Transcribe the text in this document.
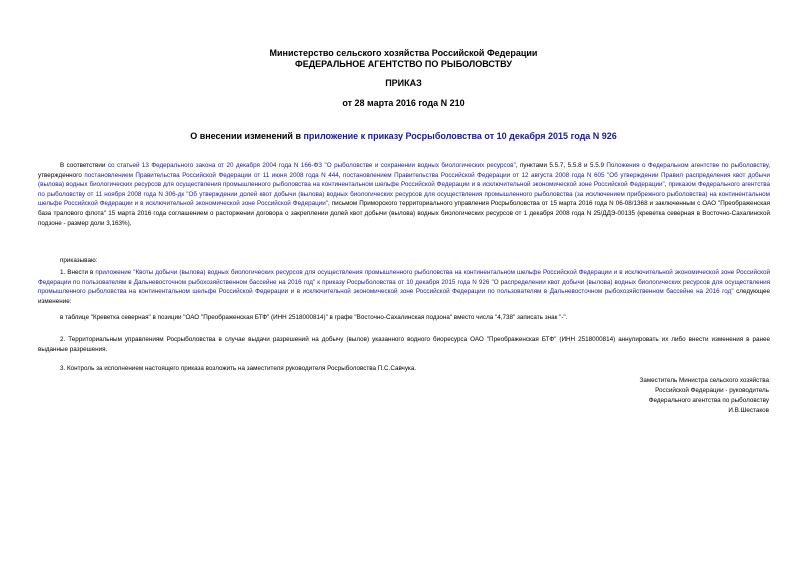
Министерство сельского хозяйства Российской Федерации
ФЕДЕРАЛЬНОЕ АГЕНТСТВО ПО РЫБОЛОВСТВУ
ПРИКАЗ
от 28 марта 2016 года N 210
О внесении изменений в приложение к приказу Росрыболовства от 10 декабря 2015 года N 926
В соответствии со статьей 13 Федерального закона от 20 декабря 2004 года N 166-ФЗ "О рыболовстве и сохранении водных биологических ресурсов", пунктами 5.5.7, 5.5.8 и 5.5.9 Положения о Федеральном агентстве по рыболовству, утвержденного постановлением Правительства Российской Федерации от 11 июня 2008 года N 444, постановлением Правительства Российской Федерации от 12 августа 2008 года N 605 "Об утверждении Правил распределения квот добычи (вылова) водных биологических ресурсов для осуществления промышленного рыболовства на континентальном шельфе Российской Федерации и в исключительной экономической зоне Российской Федерации", приказом Федерального агентства по рыболовству от 11 ноября 2008 года N 306-дк "Об утверждении долей квот добычи (вылова) водных биологических ресурсов для осуществления промышленного рыболовства (за исключением прибрежного рыболовства) на континентальном шельфе Российской Федерации и в исключительной экономической зоне Российской Федерации", письмом Приморского территориального управления Росрыболовства от 15 марта 2016 года N 06-08/1368 и заключенным с ОАО "Преображенская база тралового флота" 15 марта 2016 года соглашением о расторжении договора о закреплении долей квот добычи (вылова) водных биологических ресурсов от 1 декабря 2008 года N 25/ДДЭ-00135 (креветка северная в Восточно-Сахалинской подзоне - размер доли 3,163%),
приказываю:
1. Внести в приложение "Квоты добычи (вылова) водных биологических ресурсов для осуществления промышленного рыболовства на континентальном шельфе Российской Федерации и в исключительной экономической зоне Российской Федерации по пользователям в Дальневосточном рыбохозяйственном бассейне на 2016 год" к приказу Росрыболовства от 10 декабря 2015 года N 926 "О распределении квот добычи (вылова) водных биологических ресурсов для осуществления промышленного рыболовства на континентальном шельфе Российской Федерации и в исключительной экономической зоне Российской Федерации по пользователям в Дальневосточном рыбохозяйственном бассейне на 2016 год" следующее изменение:
в таблице "Креветка северная" в позиции "ОАО "Преображенская БТФ" (ИНН 2518000814)" в графе "Восточно-Сахалинская подзона" вместо числа "4,738" записать знак "-".
2. Территориальным управлениям Росрыболовства в случае выдачи разрешений на добычу (вылов) указанного водного биоресурса ОАО "Преображенская БТФ" (ИНН 2518000814) аннулировать их либо внести изменения в ранее выданные разрешения.
3. Контроль за исполнением настоящего приказа возложить на заместителя руководителя Росрыболовства П.С.Савчука.
Заместитель Министра сельского хозяйства
Российской Федерации - руководитель
Федерального агентства по рыболовству
И.В.Шестаков
